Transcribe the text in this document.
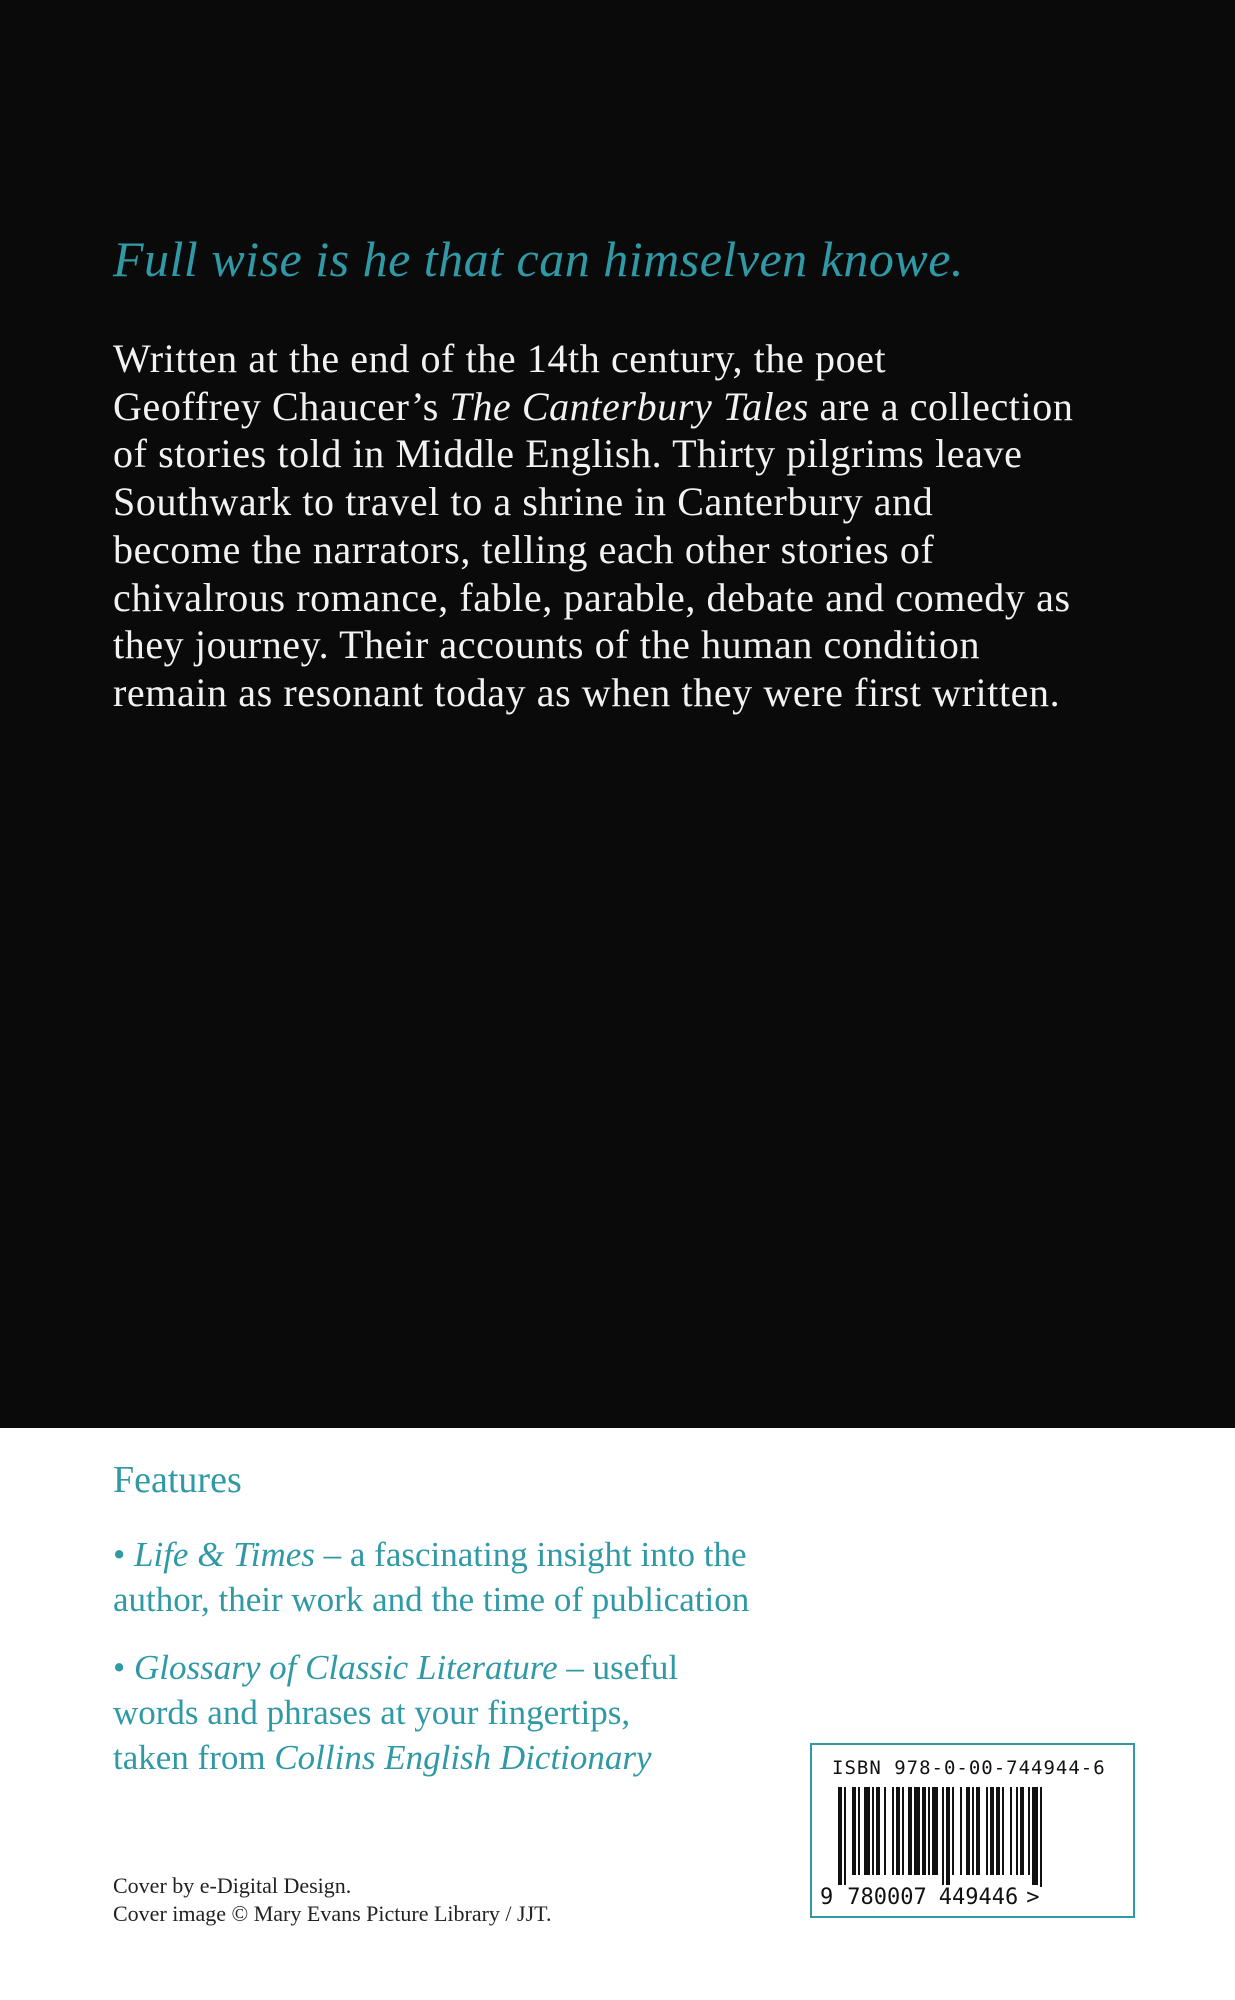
Full wise is he that can himselven knowe.

Written at the end of the 14th century, the poet
Geoffrey Chaucer’s The Canterbury Tales are a collection
of stories told in Middle English. Thirty pilgrims leave
Southwark to travel to a shrine in Canterbury and
become the narrators, telling each other stories of
chivalrous romance, fable, parable, debate and comedy as
they journey. Their accounts of the human condition
remain as resonant today as when they were first written.

Features

• Life & Times – a fascinating insight into the
author, their work and the time of publication

• Glossary of Classic Literature – useful
words and phrases at your fingertips,
taken from Collins English Dictionary

Cover by e-Digital Design.
Cover image © Mary Evans Picture Library / JJT.

ISBN 978-0-00-744944-6
9 780007 449446 >
